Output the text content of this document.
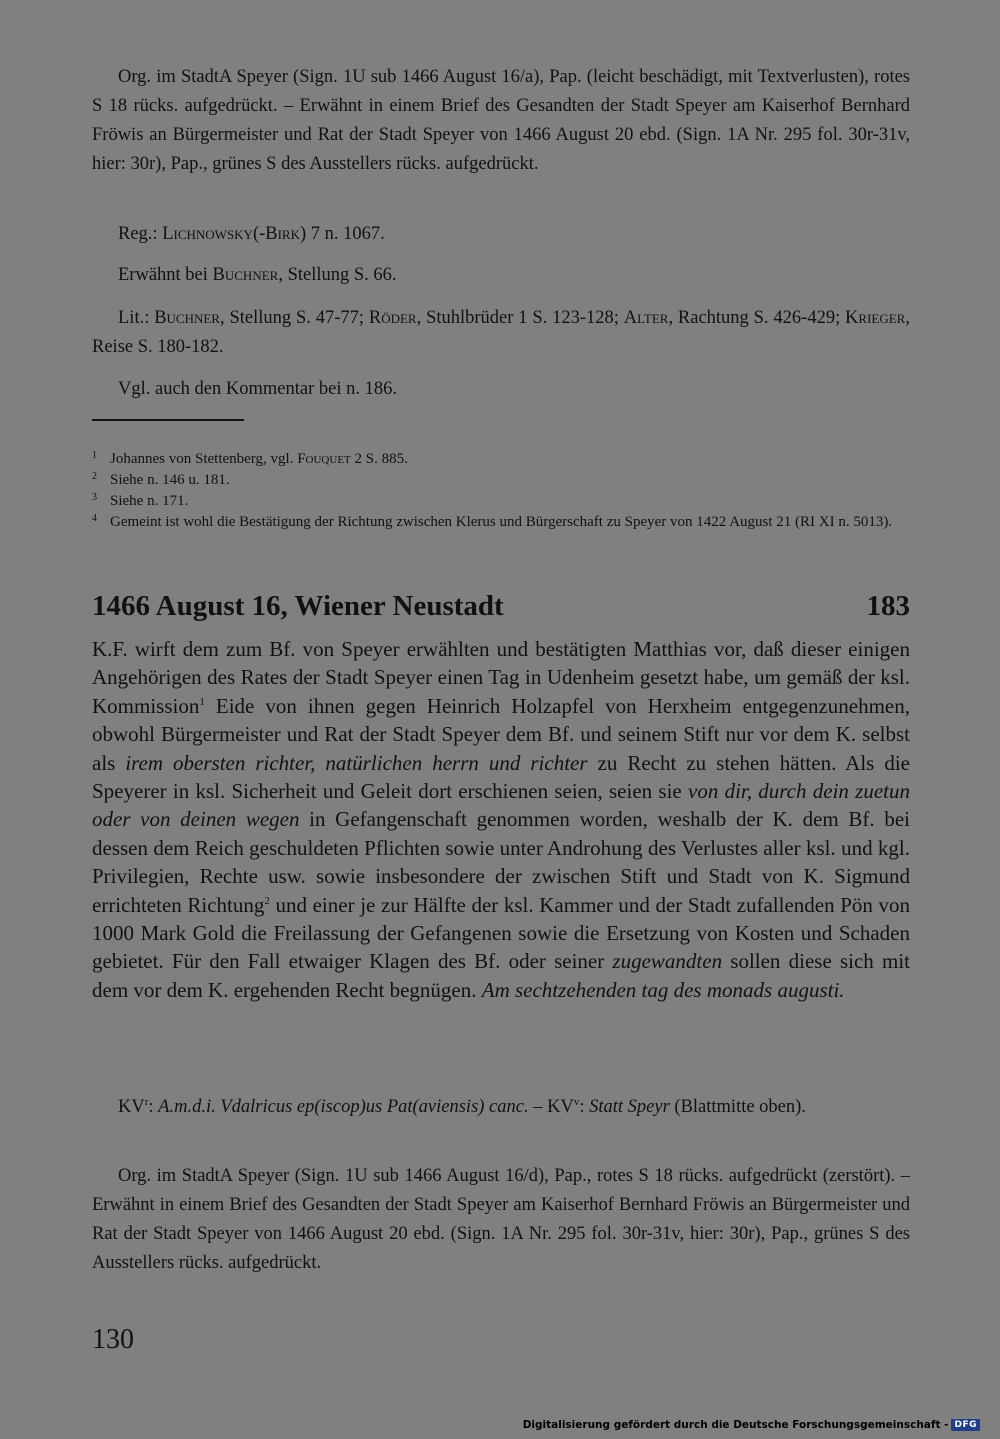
Org. im StadtA Speyer (Sign. 1U sub 1466 August 16/a), Pap. (leicht beschädigt, mit Textverlusten), rotes S 18 rücks. aufgedrückt. – Erwähnt in einem Brief des Gesandten der Stadt Speyer am Kaiserhof Bernhard Fröwis an Bürgermeister und Rat der Stadt Speyer von 1466 August 20 ebd. (Sign. 1A Nr. 295 fol. 30r-31v, hier: 30r), Pap., grünes S des Ausstellers rücks. aufgedrückt.
Reg.: Lichnowsky(-Birk) 7 n. 1067.
Erwähnt bei Buchner, Stellung S. 66.
Lit.: Buchner, Stellung S. 47-77; Röder, Stuhlbrüder 1 S. 123-128; Alter, Rachtung S. 426-429; Krieger, Reise S. 180-182.
Vgl. auch den Kommentar bei n. 186.
1 Johannes von Stettenberg, vgl. Fouquet 2 S. 885.
2 Siehe n. 146 u. 181.
3 Siehe n. 171.
4 Gemeint ist wohl die Bestätigung der Richtung zwischen Klerus und Bürgerschaft zu Speyer von 1422 August 21 (RI XI n. 5013).
1466 August 16, Wiener Neustadt	183
K.F. wirft dem zum Bf. von Speyer erwählten und bestätigten Matthias vor, daß dieser einigen Angehörigen des Rates der Stadt Speyer einen Tag in Udenheim gesetzt habe, um gemäß der ksl. Kommission$^1$ Eide von ihnen gegen Heinrich Holzapfel von Herxheim entgegenzunehmen, obwohl Bürgermeister und Rat der Stadt Speyer dem Bf. und seinem Stift nur vor dem K. selbst als irem obersten richter, natürlichen herrn und richter zu Recht zu stehen hätten. Als die Speyerer in ksl. Sicherheit und Geleit dort erschienen seien, seien sie von dir, durch dein zuetun oder von deinen wegen in Gefangenschaft genommen worden, weshalb der K. dem Bf. bei dessen dem Reich geschuldeten Pflichten sowie unter Androhung des Verlustes aller ksl. und kgl. Privilegien, Rechte usw. sowie insbesondere der zwischen Stift und Stadt von K. Sigmund errichteten Richtung$^2$ und einer je zur Hälfte der ksl. Kammer und der Stadt zufallenden Pön von 1000 Mark Gold die Freilassung der Gefangenen sowie die Ersetzung von Kosten und Schaden gebietet. Für den Fall etwaiger Klagen des Bf. oder seiner zugewandten sollen diese sich mit dem vor dem K. ergehenden Recht begnügen. Am sechtzehenden tag des monads augusti.
$KV^r$: A.m.d.i. Vdalricus ep(iscop)us Pat(aviensis) canc. – $KV^v$: Statt Speyr (Blattmitte oben).
Org. im StadtA Speyer (Sign. 1U sub 1466 August 16/d), Pap., rotes S 18 rücks. aufgedrückt (zerstört). – Erwähnt in einem Brief des Gesandten der Stadt Speyer am Kaiserhof Bernhard Fröwis an Bürgermeister und Rat der Stadt Speyer von 1466 August 20 ebd. (Sign. 1A Nr. 295 fol. 30r-31v, hier: 30r), Pap., grünes S des Ausstellers rücks. aufgedrückt.
130
Digitalisierung gefördert durch die Deutsche Forschungsgemeinschaft - DFG
